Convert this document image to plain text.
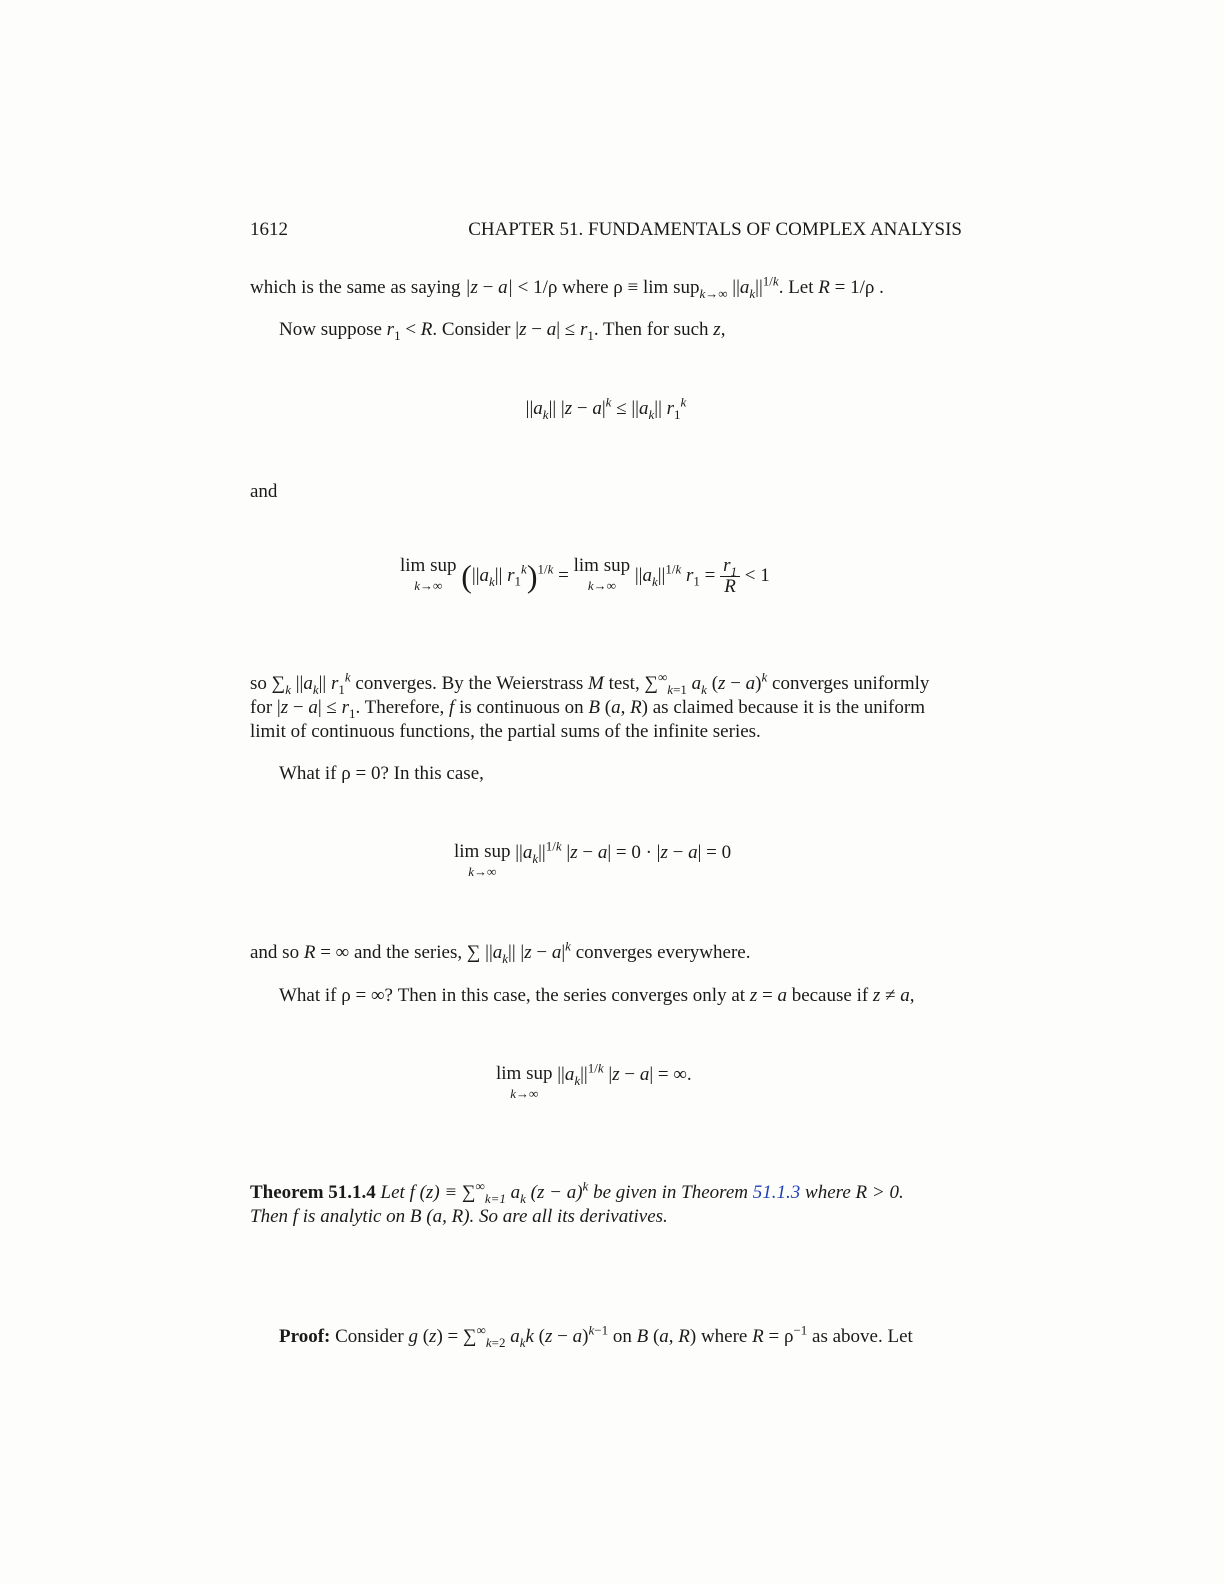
1612	CHAPTER 51. FUNDAMENTALS OF COMPLEX ANALYSIS
which is the same as saying |z − a| < 1/ρ where ρ ≡ lim sup$_{k\to\infty}$ $||a_k||^{1/k}$. Let R = 1/ρ .
Now suppose $r_1 < R$. Consider $|z - a| \le r_1$. Then for such z,
$||a_k||$ $|z - a|^k \le ||a_k||$ $r_1^k$
and
lim sup
k→∞ ($||a_k||$ $r_1^k)^{1/k} = \lim$ sup
k→∞ $||a_k||^{1/k}$ $r_1 = \frac{r_1}{R} < 1$
so $\sum_k$ $||a_k||$ $r_1^k$ converges. By the Weierstrass M test, $\sum^\infty_{k=1}$ $a_k$ $(z - a)^k$ converges uniformly
for $|z - a| \le r_1$. Therefore, f is continuous on B (a, R) as claimed because it is the uniform
limit of continuous functions, the partial sums of the infinite series.
What if ρ = 0? In this case,
lim sup
k→∞
$||a_k||^{1/k}$ |z − a| = 0 · |z − a| = 0
and so R = ∞ and the series, ∑ $||a_k||$ $|z - a|^k$ converges everywhere.
What if ρ = ∞? Then in this case, the series converges only at z = a because if z ≠ a,
lim sup
k→∞
$||a_k||^{1/k}$ |z − a| = ∞.
Theorem 51.1.4 Let f $(z) \equiv \sum^\infty_{k=1}$ $a_k$ $(z - a)^k$ be given in Theorem 51.1.3 where R > 0.
Then f is analytic on B (a, R). So are all its derivatives.
Proof: Consider g $(z) = \sum^\infty_{k=2}$ $a_kk$ $(z - a)^{k-1}$ on B (a, R) where $R = \rho^{-1}$ as above. Let
